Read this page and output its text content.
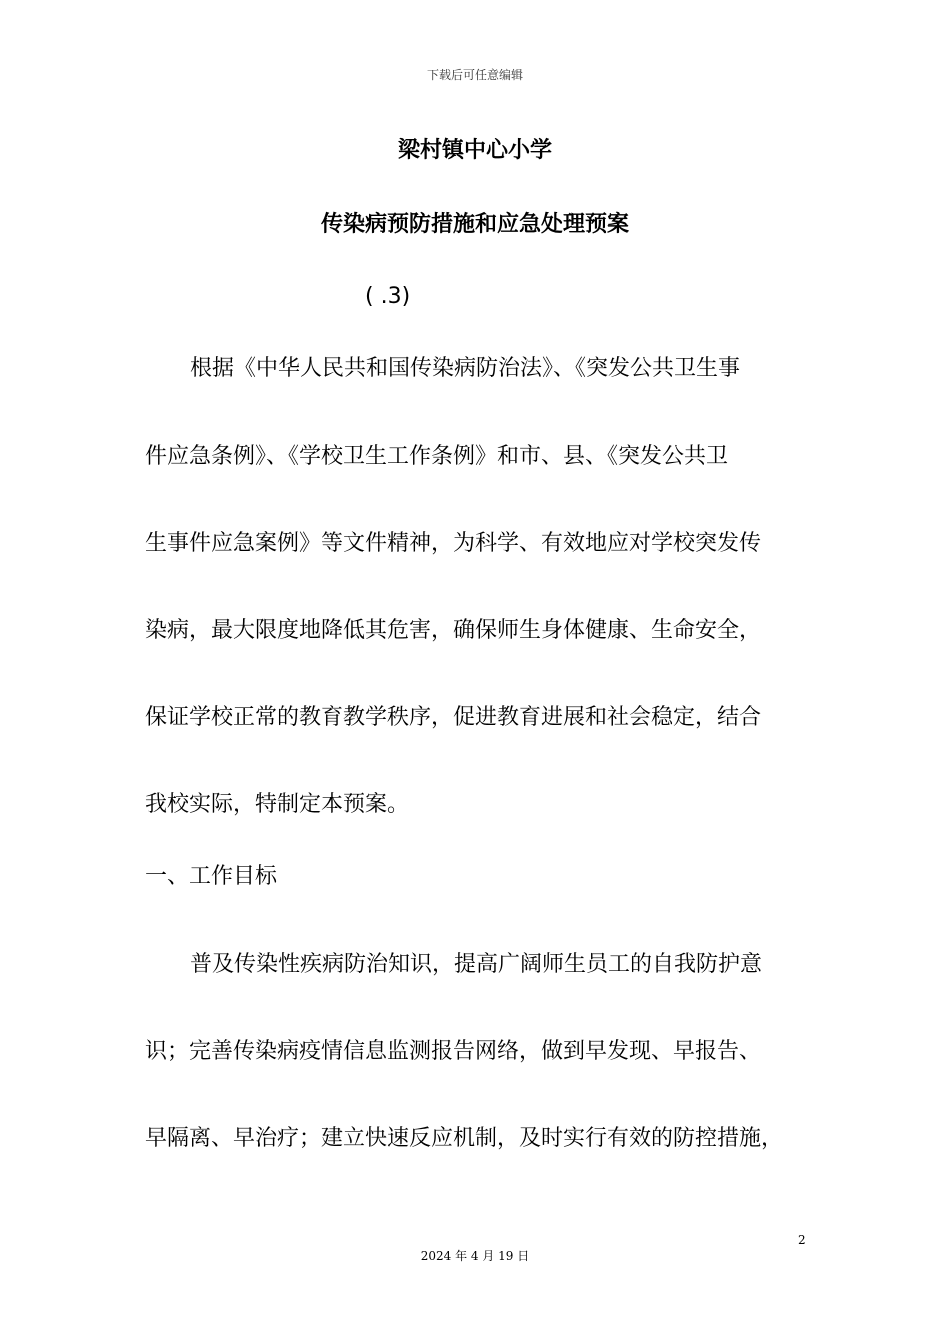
下载后可任意编辑
梁村镇中心小学
传染病预防措施和应急处理预案
( .3)
根据《中华人民共和国传染病防治法》、《突发公共卫生事
件应急条例》、《学校卫生工作条例》和市、县、《突发公共卫
生事件应急案例》等文件精神，为科学、有效地应对学校突发传
染病，最大限度地降低其危害，确保师生身体健康、生命安全，
保证学校正常的教育教学秩序，促进教育进展和社会稳定，结合
我校实际，特制定本预案。
一、工作目标
普及传染性疾病防治知识，提高广阔师生员工的自我防护意
识；完善传染病疫情信息监测报告网络，做到早发现、早报告、
早隔离、早治疗；建立快速反应机制，及时实行有效的防控措施，
2
2024 年 4 月 19 日
